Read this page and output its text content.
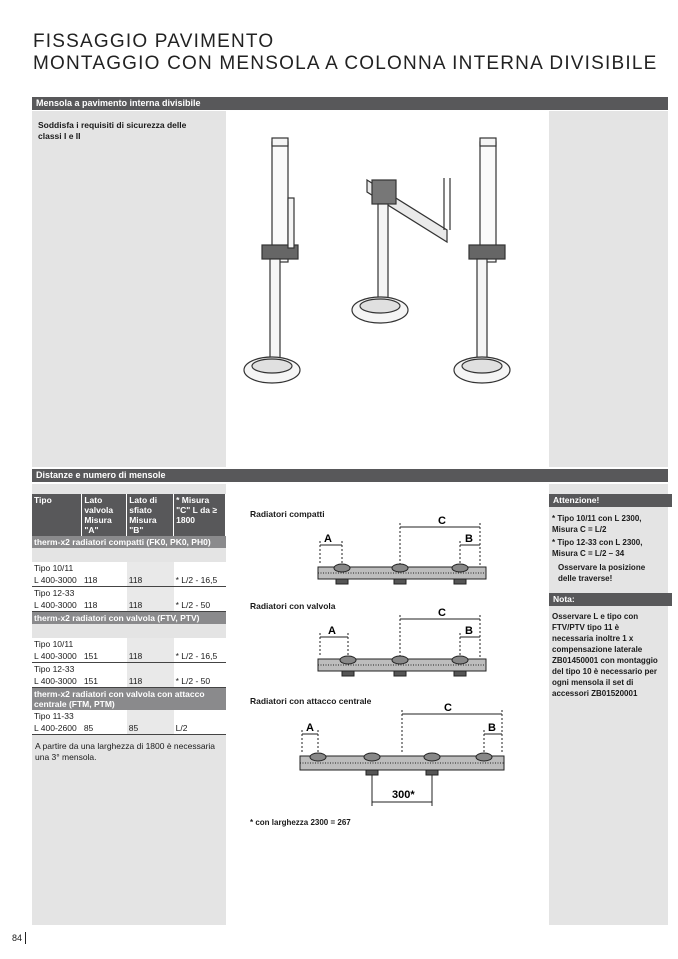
FISSAGGIO PAVIMENTO
MONTAGGIO CON MENSOLA A COLONNA INTERNA DIVISIBILE
Mensola a pavimento interna divisibile
Soddisfa i requisiti di sicurezza delle classi I e II
Distanze e numero di mensole
Tipo	Lato valvola Misura "A"	Lato di sfiato Misura "B"	* Misura "C" L da ≥ 1800
therm-x2 radiatori compatti (FK0, PK0, PH0)			

Tipo 10/11			
L 400-3000	118	118	* L/2 - 16,5
Tipo 12-33			
L 400-3000	118	118	* L/2 - 50
therm-x2 radiatori con valvola (FTV, PTV)			

Tipo 10/11			
L 400-3000	151	118	* L/2 - 16,5
Tipo 12-33			
L 400-3000	151	118	* L/2 - 50
therm-x2 radiatori con valvola con attacco centrale (FTM, PTM)			
Tipo 11-33			
L 400-2600	85	85	L/2
A partire da una larghezza di 1800 è necessaria una 3° mensola.
Radiatori compatti
Radiatori con valvola
Radiatori con attacco centrale
C
A	B
C
A	B
C
A	B
300*
* con larghezza 2300 = 267
Attenzione!
* Tipo 10/11 con L 2300, Misura C = L/2
* Tipo 12-33 con L 2300, Misura C = L/2 – 34
Osservare la posizione delle traverse!
Nota:
Osservare L e tipo con FTV/PTV tipo 11 è necessaria inoltre 1 x compensazione laterale ZB01450001 con montaggio del tipo 10 è necessario per ogni mensola il set di accessori ZB01520001
84
